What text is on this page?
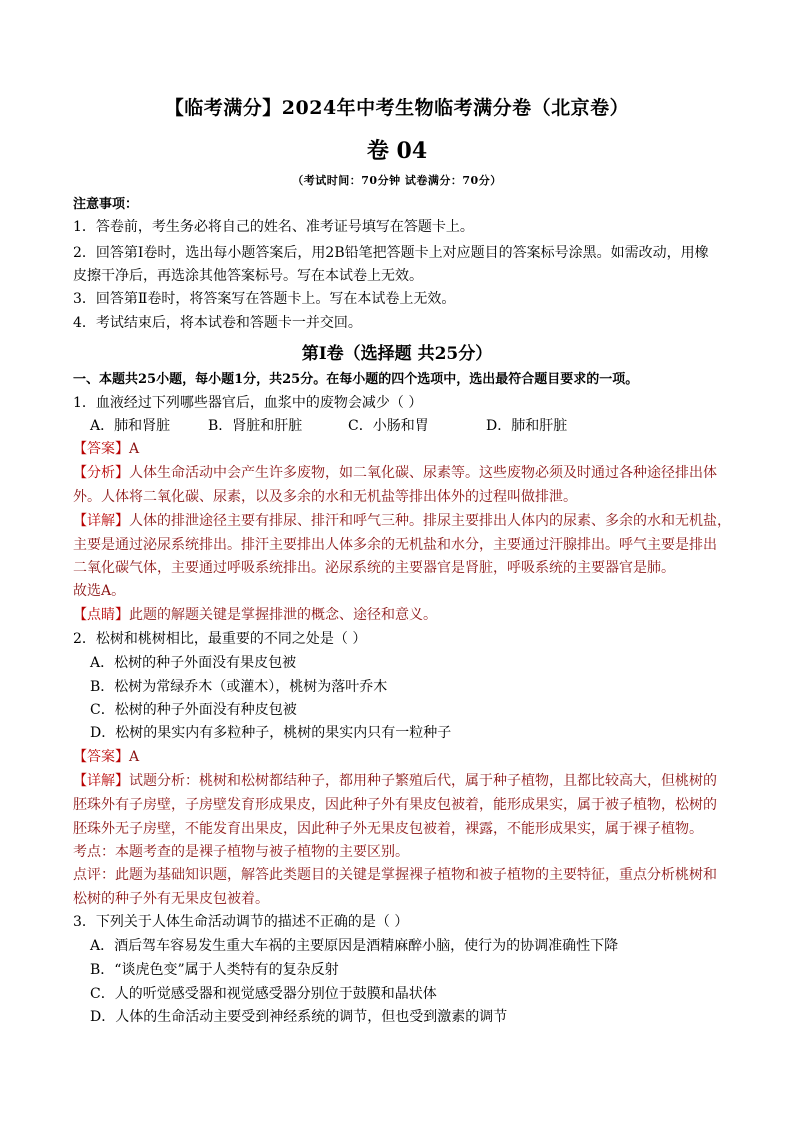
【临考满分】2024年中考生物临考满分卷（北京卷）
卷 04
（考试时间：70分钟 试卷满分：70分）
注意事项：
1．答卷前，考生务必将自己的姓名、准考证号填写在答题卡上。
2．回答第Ⅰ卷时，选出每小题答案后，用2B铅笔把答题卡上对应题目的答案标号涂黑。如需改动，用橡
皮擦干净后，再选涂其他答案标号。写在本试卷上无效。
3．回答第Ⅱ卷时，将答案写在答题卡上。写在本试卷上无效。
4．考试结束后，将本试卷和答题卡一并交回。
第Ⅰ卷（选择题 共25分）
一、本题共25小题，每小题1分，共25分。在每小题的四个选项中，选出最符合题目要求的一项。
1．血液经过下列哪些器官后，血浆中的废物会减少（ ）
A．肺和肾脏	B．肾脏和肝脏	C．小肠和胃	D．肺和肝脏
【答案】A
【分析】人体生命活动中会产生许多废物，如二氧化碳、尿素等。这些废物必须及时通过各种途径排出体
外。人体将二氧化碳、尿素，以及多余的水和无机盐等排出体外的过程叫做排泄。
【详解】人体的排泄途径主要有排尿、排汗和呼气三种。排尿主要排出人体内的尿素、多余的水和无机盐，
主要是通过泌尿系统排出。排汗主要排出人体多余的无机盐和水分，主要通过汗腺排出。呼气主要是排出
二氧化碳气体，主要通过呼吸系统排出。泌尿系统的主要器官是肾脏，呼吸系统的主要器官是肺。
故选A。
【点睛】此题的解题关键是掌握排泄的概念、途径和意义。
2．松树和桃树相比，最重要的不同之处是（ ）
A．松树的种子外面没有果皮包被
B．松树为常绿乔木（或灌木），桃树为落叶乔木
C．松树的种子外面没有种皮包被
D．松树的果实内有多粒种子，桃树的果实内只有一粒种子
【答案】A
【详解】试题分析：桃树和松树都结种子，都用种子繁殖后代，属于种子植物，且都比较高大，但桃树的
胚珠外有子房壁，子房壁发育形成果皮，因此种子外有果皮包被着，能形成果实，属于被子植物，松树的
胚珠外无子房壁，不能发育出果皮，因此种子外无果皮包被着，裸露，不能形成果实，属于裸子植物。
考点：本题考查的是裸子植物与被子植物的主要区别。
点评：此题为基础知识题，解答此类题目的关键是掌握裸子植物和被子植物的主要特征，重点分析桃树和
松树的种子外有无果皮包被着。
3．下列关于人体生命活动调节的描述不正确的是（ ）
A．酒后驾车容易发生重大车祸的主要原因是酒精麻醉小脑，使行为的协调准确性下降
B．“谈虎色变”属于人类特有的复杂反射
C．人的听觉感受器和视觉感受器分别位于鼓膜和晶状体
D．人体的生命活动主要受到神经系统的调节，但也受到激素的调节
